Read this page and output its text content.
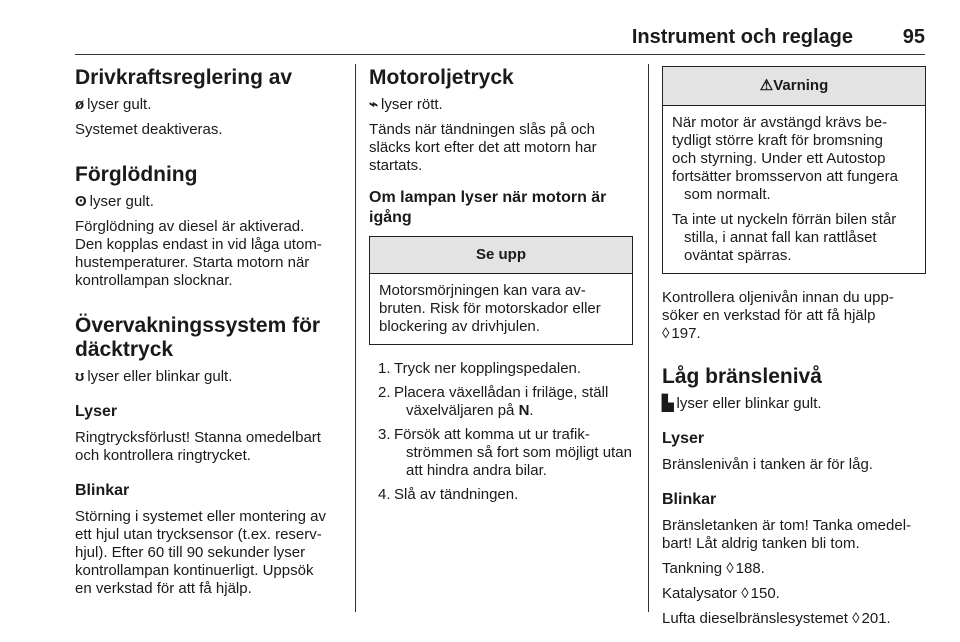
Instrument och reglage 95
Drivkraftsreglering av

ø lyser gult.

Systemet deaktiveras.

Förglödning

ʘ lyser gult.

Förglödning av diesel är aktiverad.
Den kopplas endast in vid låga utom-
hustemperaturer. Starta motorn när
kontrollampan slocknar.

Övervakningssystem för
däcktryck

ʊ lyser eller blinkar gult.

Lyser

Ringtrycksförlust! Stanna omedelbart
och kontrollera ringtrycket.

Blinkar

Störning i systemet eller montering av
ett hjul utan trycksensor (t.ex. reserv-
hjul). Efter 60 till 90 sekunder lyser
kontrollampan kontinuerligt. Uppsök
en verkstad för att få hjälp.

Motoroljetryck

⌁ lyser rött.

Tänds när tändningen slås på och
släcks kort efter det att motorn har
startats.

Om lampan lyser när motorn är
igång
Se upp
Motorsmörjningen kan vara av-
bruten. Risk för motorskador eller
blockering av drivhjulen.
1. Tryck ner kopplingspedalen.
2. Placera växellådan i friläge, ställ
växelväljaren på N.
3. Försök att komma ut ur trafik-
strömmen så fort som möjligt utan
att hindra andra bilar.
4. Slå av tändningen.
⚠Varning

När motor är avstängd krävs be-
tydligt större kraft för bromsning
och styrning. Under ett Autostop
fortsätter bromsservon att fungera
som normalt.

Ta inte ut nyckeln förrän bilen står
stilla, i annat fall kan rattlåset
oväntat spärras.

Kontrollera oljenivån innan du upp-
söker en verkstad för att få hjälp
◊ 197.

Låg bränslenivå

▙ lyser eller blinkar gult.

Lyser

Bränslenivån i tanken är för låg.

Blinkar

Bränsletanken är tom! Tanka omedel-
bart! Låt aldrig tanken bli tom.

Tankning ◊ 188.

Katalysator ◊ 150.

Lufta dieselbränslesystemet ◊ 201.
